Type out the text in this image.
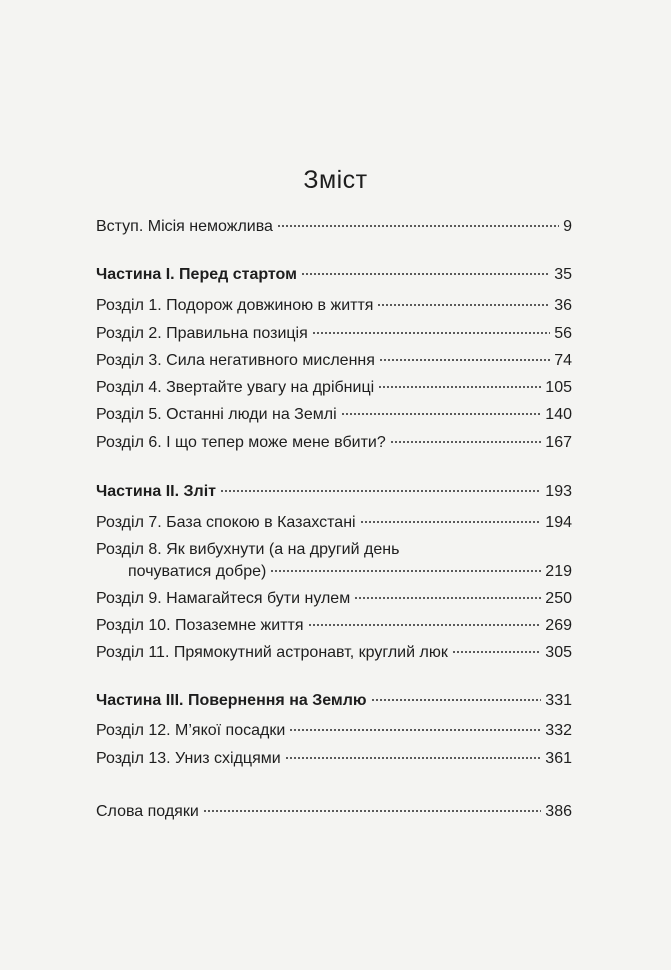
Зміст
Вступ. Місія неможлива	9
Частина I. Перед стартом	35
Розділ 1. Подорож довжиною в життя	36
Розділ 2. Правильна позиція	56
Розділ 3. Сила негативного мислення	74
Розділ 4. Звертайте увагу на дрібниці	105
Розділ 5. Останні люди на Землі	140
Розділ 6. І що тепер може мене вбити?	167
Частина II. Зліт	193
Розділ 7. База спокою в Казахстані	194
Розділ 8. Як вибухнути (а на другий день
почуватися добре)	219
Розділ 9. Намагайтеся бути нулем	250
Розділ 10. Позаземне життя	269
Розділ 11. Прямокутний астронавт, круглий люк	305
Частина III. Повернення на Землю	331
Розділ 12. М’якої посадки	332
Розділ 13. Униз східцями	361
Слова подяки	386
